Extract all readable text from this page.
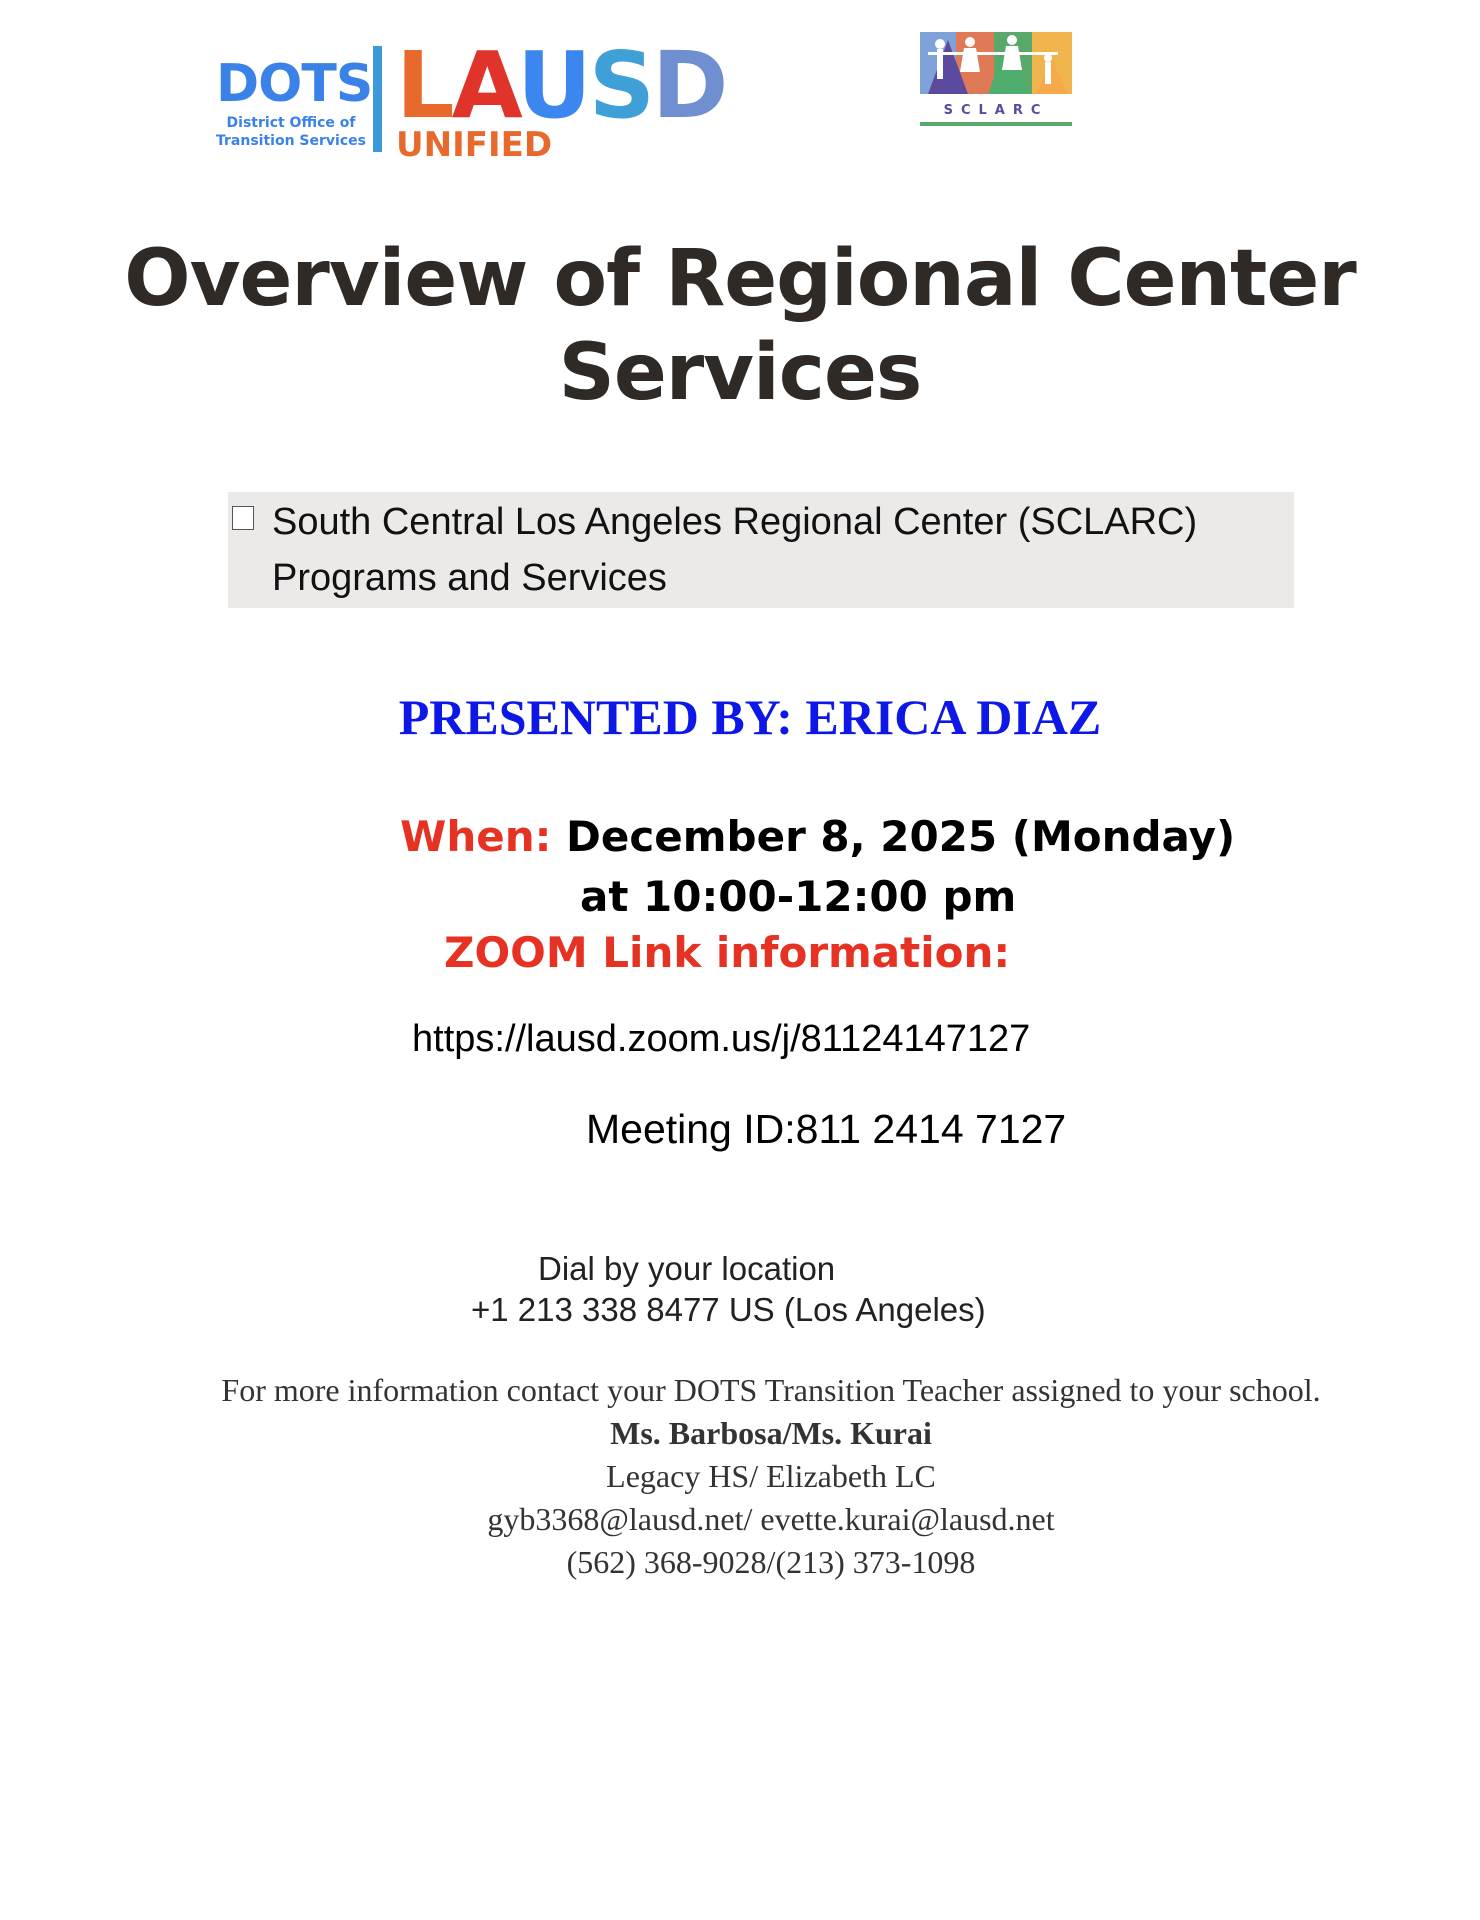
DOTS
District Office of
Transition Services
LAUSD
UNIFIED
SCLARC
Overview of Regional Center
Services
South Central Los Angeles Regional Center (SCLARC)
Programs and Services
PRESENTED BY: ERICA DIAZ
When: December 8, 2025 (Monday)
at 10:00-12:00 pm
ZOOM Link information:
https://lausd.zoom.us/j/81124147127
Meeting ID:811 2414 7127
Dial by your location
+1 213 338 8477 US (Los Angeles)
For more information contact your DOTS Transition Teacher assigned to your school.
Ms. Barbosa/Ms. Kurai
Legacy HS/ Elizabeth LC
gyb3368@lausd.net/ evette.kurai@lausd.net
(562) 368-9028/(213) 373-1098
